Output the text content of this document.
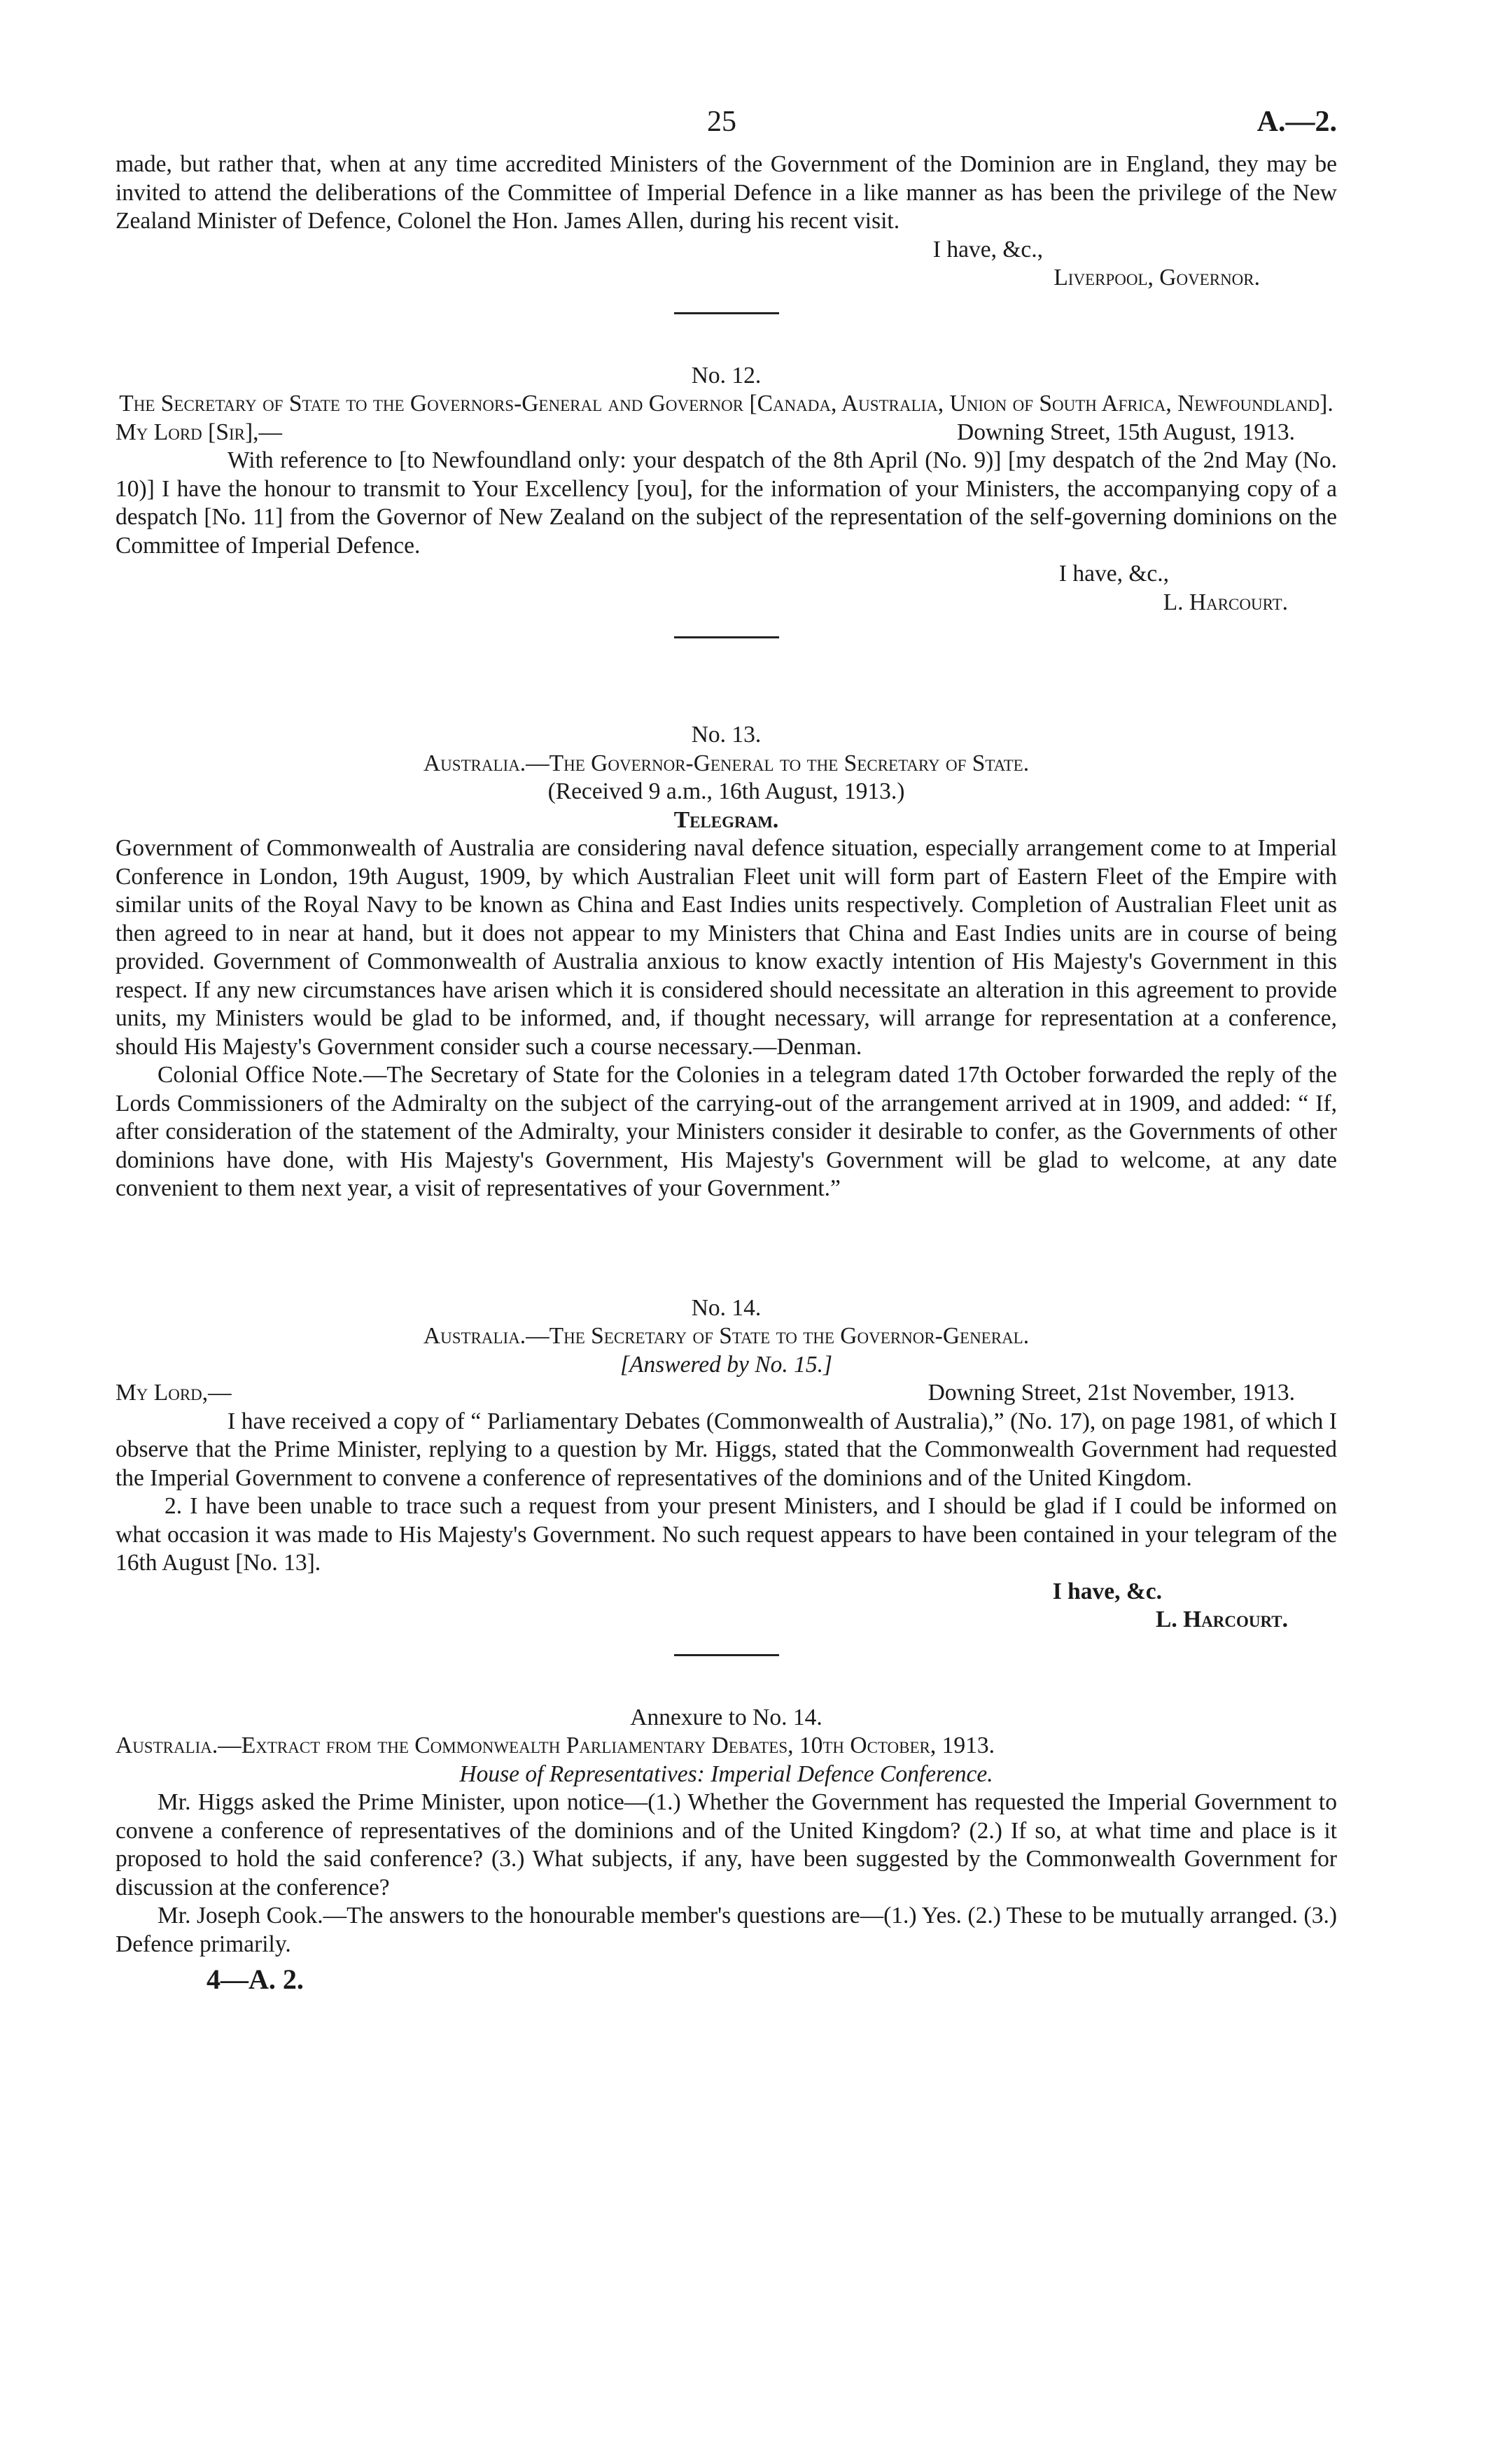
25	A.—2.

made, but rather that, when at any time accredited Ministers of the Government of the Dominion are in England, they may be invited to attend the deliberations of the Committee of Imperial Defence in a like manner as has been the privilege of the New Zealand Minister of Defence, Colonel the Hon. James Allen, during his recent visit.

I have, &c.,

Liverpool, Governor.

No. 12.

The Secretary of State to the Governors-General and Governor [Canada, Australia, Union of South Africa, Newfoundland].

My Lord [Sir],—	Downing Street, 15th August, 1913.

With reference to [to Newfoundland only: your despatch of the 8th April (No. 9)] [my despatch of the 2nd May (No. 10)] I have the honour to transmit to Your Excellency [you], for the information of your Ministers, the accompanying copy of a despatch [No. 11] from the Governor of New Zealand on the subject of the representation of the self-governing dominions on the Committee of Imperial Defence.

I have, &c.,

L. Harcourt.

No. 13.

Australia.—The Governor-General to the Secretary of State.

(Received 9 a.m., 16th August, 1913.)

Telegram.

Government of Commonwealth of Australia are considering naval defence situation, especially arrangement come to at Imperial Conference in London, 19th August, 1909, by which Australian Fleet unit will form part of Eastern Fleet of the Empire with similar units of the Royal Navy to be known as China and East Indies units respectively. Completion of Australian Fleet unit as then agreed to in near at hand, but it does not appear to my Ministers that China and East Indies units are in course of being provided. Government of Commonwealth of Australia anxious to know exactly intention of His Majesty's Government in this respect. If any new circumstances have arisen which it is considered should necessitate an alteration in this agreement to provide units, my Ministers would be glad to be informed, and, if thought necessary, will arrange for representation at a conference, should His Majesty's Government consider such a course necessary.—Denman.

Colonial Office Note.—The Secretary of State for the Colonies in a telegram dated 17th October forwarded the reply of the Lords Commissioners of the Admiralty on the subject of the carrying-out of the arrangement arrived at in 1909, and added: “ If, after consideration of the statement of the Admiralty, your Ministers consider it desirable to confer, as the Governments of other dominions have done, with His Majesty's Government, His Majesty's Government will be glad to welcome, at any date convenient to them next year, a visit of representatives of your Government.”

No. 14.

Australia.—The Secretary of State to the Governor-General.

[Answered by No. 15.]

My Lord,—	Downing Street, 21st November, 1913.

I have received a copy of “ Parliamentary Debates (Commonwealth of Australia),” (No. 17), on page 1981, of which I observe that the Prime Minister, replying to a question by Mr. Higgs, stated that the Commonwealth Government had requested the Imperial Government to convene a conference of representatives of the dominions and of the United Kingdom.

2. I have been unable to trace such a request from your present Ministers, and I should be glad if I could be informed on what occasion it was made to His Majesty's Government. No such request appears to have been contained in your telegram of the 16th August [No. 13].

I have, &c.

L. Harcourt.

Annexure to No. 14.

Australia.—Extract from the Commonwealth Parliamentary Debates, 10th October, 1913.

House of Representatives: Imperial Defence Conference.

Mr. Higgs asked the Prime Minister, upon notice—(1.) Whether the Government has requested the Imperial Government to convene a conference of representatives of the dominions and of the United Kingdom? (2.) If so, at what time and place is it proposed to hold the said conference? (3.) What subjects, if any, have been suggested by the Commonwealth Government for discussion at the conference?

Mr. Joseph Cook.—The answers to the honourable member's questions are—(1.) Yes. (2.) These to be mutually arranged. (3.) Defence primarily.

4—A. 2.
